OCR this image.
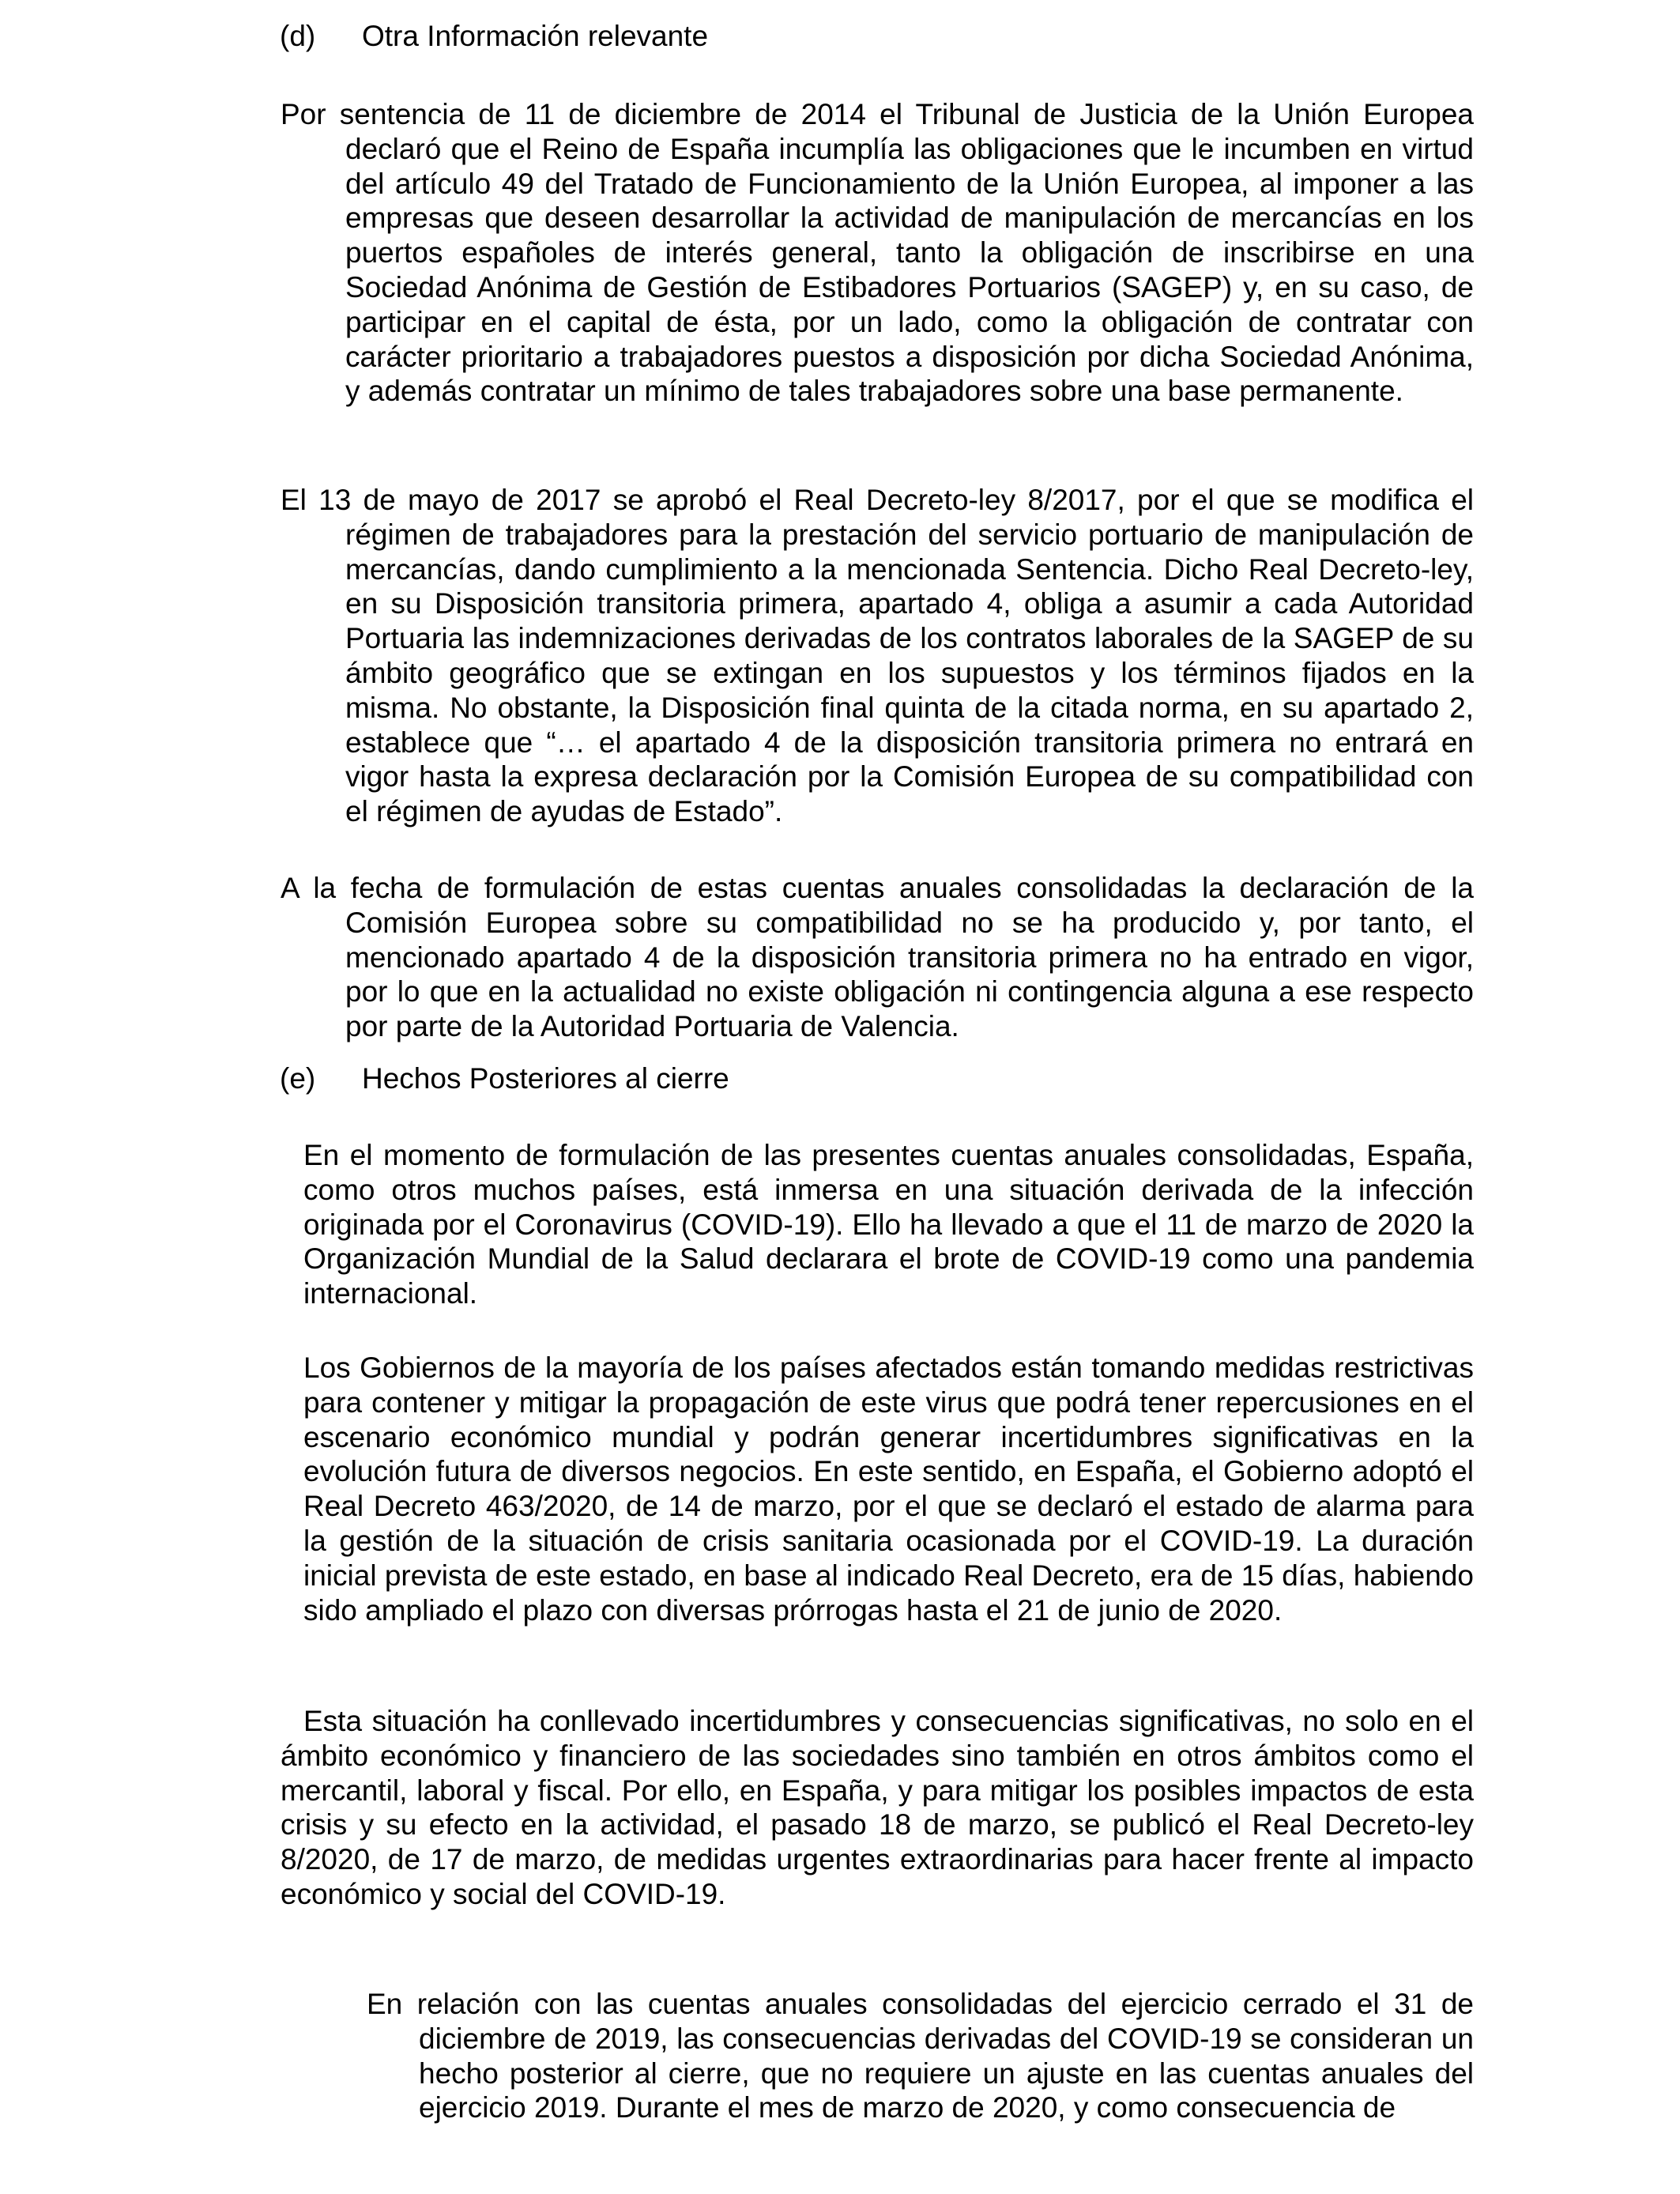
(d) Otra Información relevante

Por sentencia de 11 de diciembre de 2014 el Tribunal de Justicia de la Unión Europea declaró que el Reino de España incumplía las obligaciones que le incumben en virtud del artículo 49 del Tratado de Funcionamiento de la Unión Europea, al imponer a las empresas que deseen desarrollar la actividad de manipulación de mercancías en los puertos españoles de interés general, tanto la obligación de inscribirse en una Sociedad Anónima de Gestión de Estibadores Portuarios (SAGEP) y, en su caso, de participar en el capital de ésta, por un lado, como la obligación de contratar con carácter prioritario a trabajadores puestos a disposición por dicha Sociedad Anónima, y además contratar un mínimo de tales trabajadores sobre una base permanente.

El 13 de mayo de 2017 se aprobó el Real Decreto-ley 8/2017, por el que se modifica el régimen de trabajadores para la prestación del servicio portuario de manipulación de mercancías, dando cumplimiento a la mencionada Sentencia. Dicho Real Decreto-ley, en su Disposición transitoria primera, apartado 4, obliga a asumir a cada Autoridad Portuaria las indemnizaciones derivadas de los contratos laborales de la SAGEP de su ámbito geográfico que se extingan en los supuestos y los términos fijados en la misma. No obstante, la Disposición final quinta de la citada norma, en su apartado 2, establece que “… el apartado 4 de la disposición transitoria primera no entrará en vigor hasta la expresa declaración por la Comisión Europea de su compatibilidad con el régimen de ayudas de Estado”.

A la fecha de formulación de estas cuentas anuales consolidadas la declaración de la Comisión Europea sobre su compatibilidad no se ha producido y, por tanto, el mencionado apartado 4 de la disposición transitoria primera no ha entrado en vigor, por lo que en la actualidad no existe obligación ni contingencia alguna a ese respecto por parte de la Autoridad Portuaria de Valencia.

(e) Hechos Posteriores al cierre

En el momento de formulación de las presentes cuentas anuales consolidadas, España, como otros muchos países, está inmersa en una situación derivada de la infección originada por el Coronavirus (COVID-19). Ello ha llevado a que el 11 de marzo de 2020 la Organización Mundial de la Salud declarara el brote de COVID-19 como una pandemia internacional.

Los Gobiernos de la mayoría de los países afectados están tomando medidas restrictivas para contener y mitigar la propagación de este virus que podrá tener repercusiones en el escenario económico mundial y podrán generar incertidumbres significativas en la evolución futura de diversos negocios. En este sentido, en España, el Gobierno adoptó el Real Decreto 463/2020, de 14 de marzo, por el que se declaró el estado de alarma para la gestión de la situación de crisis sanitaria ocasionada por el COVID-19. La duración inicial prevista de este estado, en base al indicado Real Decreto, era de 15 días, habiendo sido ampliado el plazo con diversas prórrogas hasta el 21 de junio de 2020.

Esta situación ha conllevado incertidumbres y consecuencias significativas, no solo en el ámbito económico y financiero de las sociedades sino también en otros ámbitos como el mercantil, laboral y fiscal. Por ello, en España, y para mitigar los posibles impactos de esta crisis y su efecto en la actividad, el pasado 18 de marzo, se publicó el Real Decreto-ley 8/2020, de 17 de marzo, de medidas urgentes extraordinarias para hacer frente al impacto económico y social del COVID-19.

En relación con las cuentas anuales consolidadas del ejercicio cerrado el 31 de diciembre de 2019, las consecuencias derivadas del COVID-19 se consideran un hecho posterior al cierre, que no requiere un ajuste en las cuentas anuales del ejercicio 2019. Durante el mes de marzo de 2020, y como consecuencia de
